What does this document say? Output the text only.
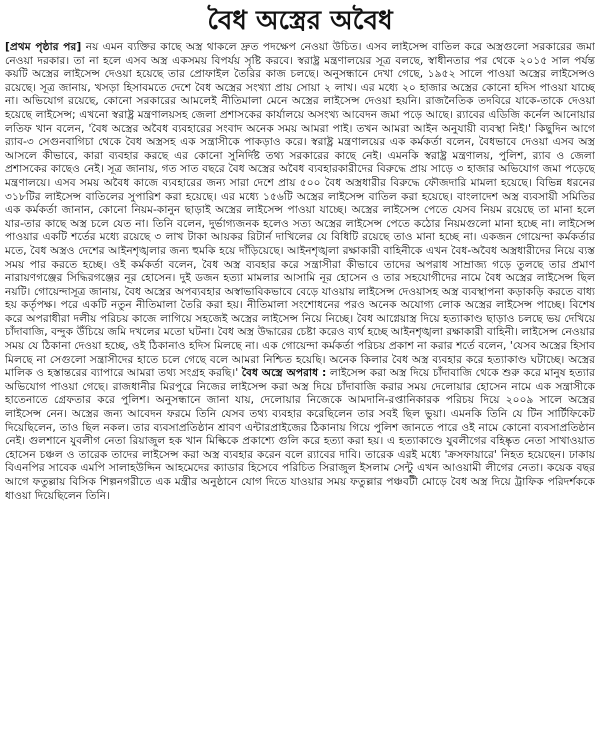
বৈধ অস্ত্রের অবৈধ

[প্রথম পৃষ্ঠার পর] নয় এমন ব্যক্তির কাছে অস্ত্র থাকলে দ্রুত পদক্ষেপ নেওয়া উচিত। এসব লাইসেন্স বাতিল করে অস্ত্রগুলো সরকারের জমা নেওয়া দরকার। তা না হলে এসব অস্ত্র একসময় বিপর্যয় সৃষ্টি করবে। স্বরাষ্ট্র মন্ত্রণালয়ের সূত্র বলছে, স্বাধীনতার পর থেকে ২০১৫ সাল পর্যন্ত কয়টি অস্ত্রের লাইসেন্স দেওয়া হয়েছে তার প্রোফাইল তৈরির কাজ চলছে। অনুসন্ধানে দেখা গেছে, ১৯৫২ সালে পাওয়া অস্ত্রের লাইসেন্সও রয়েছে। সূত্র জানায়, খসড়া হিসাবমতে দেশে বৈধ অস্ত্রের সংখ্যা প্রায় সোয়া ২ লাখ। এর মধ্যে ২০ হাজার অস্ত্রের কোনো হদিস পাওয়া যাচ্ছে না। অভিযোগ রয়েছে, কোনো সরকারের আমলেই নীতিমালা মেনে অস্ত্রের লাইসেন্স দেওয়া হয়নি। রাজনৈতিক তদবিরে যাকে-তাকে দেওয়া হয়েছে লাইসেন্স; এখনো স্বরাষ্ট্র মন্ত্রণালয়সহ জেলা প্রশাসকের কার্যালয়ে অসংখ্য আবেদন জমা পড়ে আছে। র‍্যাবের এডিজি কর্নেল আনোয়ার লতিফ খান বলেন, 'বৈধ অস্ত্রের অবৈধ ব্যবহারের সংবাদ অনেক সময় আমরা পাই। তখন আমরা আইন অনুযায়ী ব্যবস্থা নিই।' কিছুদিন আগে র‍্যাব-৩ সেগুনবাগিচা থেকে বৈধ অস্ত্রসহ এক সন্ত্রাসীকে পাকড়াও করে। স্বরাষ্ট্র মন্ত্রণালয়ের এক কর্মকর্তা বলেন, বৈধভাবে দেওয়া এসব অস্ত্র আসলে কীভাবে, কারা ব্যবহার করছে এর কোনো সুনির্দিষ্ট তথ্য সরকারের কাছে নেই। এমনকি স্বরাষ্ট্র মন্ত্রণালয়, পুলিশ, র‍্যাব ও জেলা প্রশাসকের কাছেও নেই। সূত্র জানায়, গত সাত বছরে বৈধ অস্ত্রের অবৈধ ব্যবহারকারীদের বিরুদ্ধে প্রায় সাড়ে ৩ হাজার অভিযোগ জমা পড়েছে মন্ত্রণালয়ে। এসব সময় অবৈধ কাজে ব্যবহারের জন্য সারা দেশে প্রায় ৫০০ বৈধ অস্ত্রধারীর বিরুদ্ধে ফৌজদারি মামলা হয়েছে। বিভিন্ন ধরনের ৩১৮টির লাইসেন্স বাতিলের সুপারিশ করা হয়েছে। এর মধ্যে ১৫৬টি অস্ত্রের লাইসেন্স বাতিল করা হয়েছে। বাংলাদেশ অস্ত্র ব্যবসায়ী সমিতির এক কর্মকর্তা জানান, কোনো নিয়ম-কানুন ছাড়াই অস্ত্রের লাইসেন্স পাওয়া যাচ্ছে। অস্ত্রের লাইসেন্স পেতে যেসব নিয়ম রয়েছে তা মানা হলে যার-তার কাছে অস্ত্র চলে যেত না। তিনি বলেন, দুর্ভাগ্যজনক হলেও সত্য অস্ত্রের লাইসেন্স পেতে কঠোর নিয়মগুলো মানা হচ্ছে না। লাইসেন্স পাওয়ার একটি শর্তের মধ্যে রয়েছে ৩ লাখ টাকা আয়কর রিটার্ন দাখিলের যে বিধিটি রয়েছে তাও মানা হচ্ছে না। একজন গোয়েন্দা কর্মকর্তার মতে, বৈধ অস্ত্রও দেশের আইনশৃঙ্খলার জন্য হুমকি হয়ে দাঁড়িয়েছে। আইনশৃঙ্খলা রক্ষাকারী বাহিনীকে এখন বৈধ-অবৈধ অস্ত্রধারীদের নিয়ে ব্যস্ত সময় পার করতে হচ্ছে। ওই কর্মকর্তা বলেন, বৈধ অস্ত্র ব্যবহার করে সন্ত্রাসীরা কীভাবে তাদের অপরাধ সাম্রাজ্য গড়ে তুলছে তার প্রমাণ নারায়ণগঞ্জের সিদ্ধিরগঞ্জের নূর হোসেন। দুই ডজন হত্যা মামলার আসামি নূর হোসেন ও তার সহযোগীদের নামে বৈধ অস্ত্রের লাইসেন্স ছিল নয়টি। গোয়েন্দাসূত্র জানায়, বৈধ অস্ত্রের অপব্যবহার অস্বাভাবিকভাবে বেড়ে যাওয়ায় লাইসেন্স দেওয়াসহ অস্ত্র ব্যবস্থাপনা কড়াকড়ি করতে বাধ্য হয় কর্তৃপক্ষ। পরে একটি নতুন নীতিমালা তৈরি করা হয়। নীতিমালা সংশোধনের পরও অনেক অযোগ্য লোক অস্ত্রের লাইসেন্স পাচ্ছে। বিশেষ করে অপরাধীরা দলীয় পরিচয় কাজে লাগিয়ে সহজেই অস্ত্রের লাইসেন্স নিয়ে নিচ্ছে। বৈধ আগ্নেয়াস্ত্র দিয়ে হত্যাকাণ্ড ছাড়াও চলছে ভয় দেখিয়ে চাঁদাবাজি, বন্দুক উঁচিয়ে জমি দখলের মতো ঘটনা। বৈধ অস্ত্র উদ্ধারের চেষ্টা করেও ব্যর্থ হচ্ছে আইনশৃঙ্খলা রক্ষাকারী বাহিনী। লাইসেন্স নেওয়ার সময় যে ঠিকানা দেওয়া হচ্ছে, ওই ঠিকানাও হদিস মিলছে না। এক গোয়েন্দা কর্মকর্তা পরিচয় প্রকাশ না করার শর্তে বলেন, 'যেসব অস্ত্রের হিসাব মিলছে না সেগুলো সন্ত্রাসীদের হাতে চলে গেছে বলে আমরা নিশ্চিত হয়েছি। অনেক কিলার বৈধ অস্ত্র ব্যবহার করে হত্যাকাণ্ড ঘটাচ্ছে। অস্ত্রের মালিক ও হস্তান্তরের ব্যাপারে আমরা তথ্য সংগ্রহ করছি।' বৈধ অস্ত্রে অপরাধ : লাইসেন্স করা অস্ত্র দিয়ে চাঁদাবাজি থেকে শুরু করে মানুষ হত্যার অভিযোগ পাওয়া গেছে। রাজধানীর মিরপুরে নিজের লাইসেন্স করা অস্ত্র দিয়ে চাঁদাবাজি করার সময় দেলোয়ার হোসেন নামে এক সন্ত্রাসীকে হাতেনাতে গ্রেফতার করে পুলিশ। অনুসন্ধানে জানা যায়, দেলোয়ার নিজেকে আমদানি-রপ্তানিকারক পরিচয় দিয়ে ২০০৯ সালে অস্ত্রের লাইসেন্স নেন। অস্ত্রের জন্য আবেদন ফরমে তিনি যেসব তথ্য ব্যবহার করেছিলেন তার সবই ছিল ভুয়া। এমনকি তিনি যে টিন সার্টিফিকেট দিয়েছিলেন, তাও ছিল নকল। তার ব্যবসাপ্রতিষ্ঠান শ্রাবণ এন্টারপ্রাইজের ঠিকানায় গিয়ে পুলিশ জানতে পারে ওই নামে কোনো ব্যবসাপ্রতিষ্ঠান নেই। গুলশানে যুবলীগ নেতা রিয়াজুল হক খান মিল্কিকে প্রকাশ্যে গুলি করে হত্যা করা হয়। এ হত্যাকাণ্ডে যুবলীগের বহিষ্কৃত নেতা সাখাওয়াত হোসেন চঞ্চল ও তারেক তাদের লাইসেন্স করা অস্ত্র ব্যবহার করেন বলে র‍্যাবের দাবি। তারেক এরই মধ্যে 'ক্রসফায়ারে' নিহত হয়েছেন। ঢাকায় বিএনপির সাবেক এমপি সালাহউদ্দিন আহমেদের ক্যাডার হিসেবে পরিচিত সিরাজুল ইসলাম সেন্টু এখন আওয়ামী লীগের নেতা। কয়েক বছর আগে ফতুল্লায় বিসিক শিল্পনগরীতে এক মন্ত্রীর অনুষ্ঠানে যোগ দিতে যাওয়ার সময় ফতুল্লার পঞ্চবটী মোড়ে বৈধ অস্ত্র দিয়ে ট্রাফিক পরিদর্শককে ধাওয়া দিয়েছিলেন তিনি।
